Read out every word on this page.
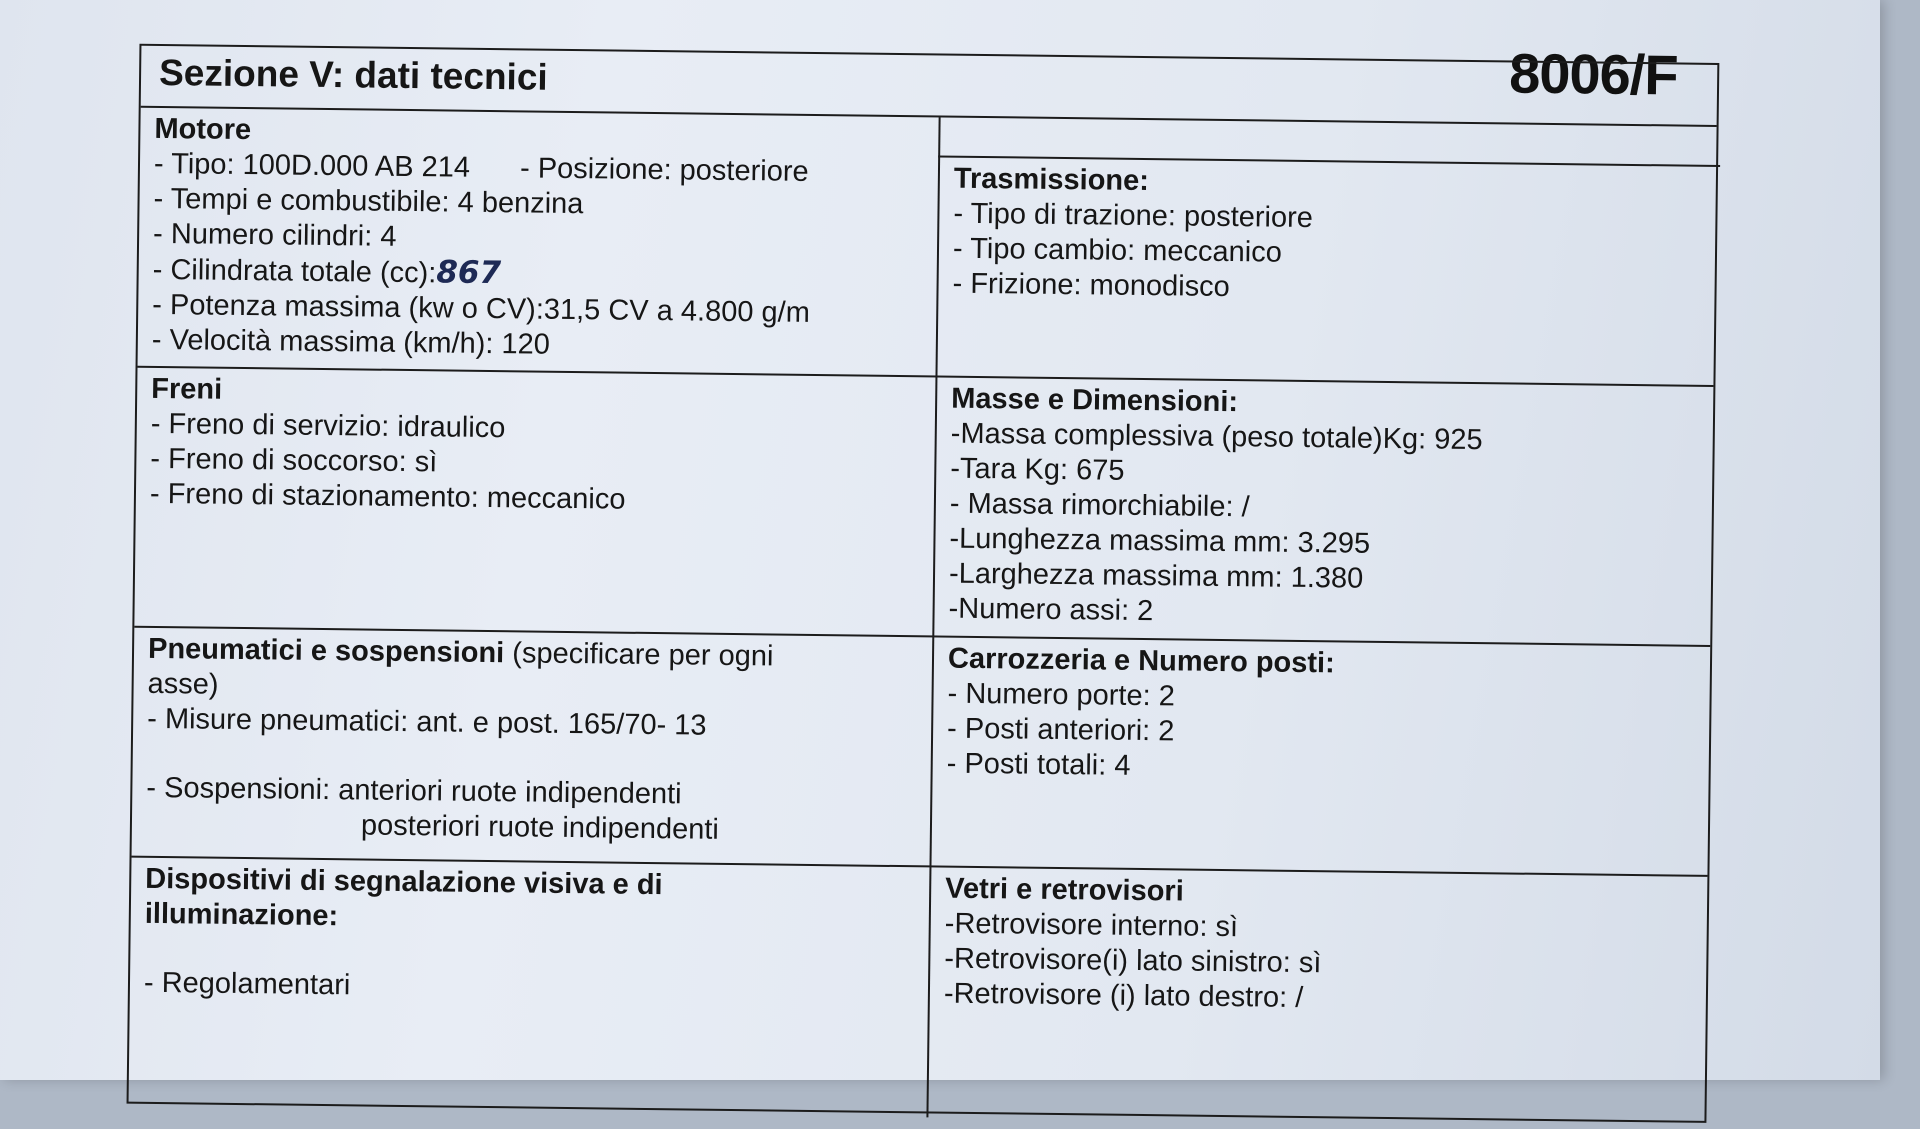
8006/F
Sezione V: dati tecnici
Motore
- Tipo: 100D.000 AB 214 - Posizione: posteriore
- Tempi e combustibile: 4 benzina
- Numero cilindri: 4
- Cilindrata totale (cc):867
- Potenza massima (kw o CV):31,5 CV a 4.800 g/m
- Velocità massima (km/h): 120
Trasmissione:
- Tipo di trazione: posteriore
- Tipo cambio: meccanico
- Frizione: monodisco
Freni
- Freno di servizio: idraulico
- Freno di soccorso: sì
- Freno di stazionamento: meccanico
Masse e Dimensioni:
-Massa complessiva (peso totale)Kg: 925
-Tara Kg: 675
- Massa rimorchiabile: /
-Lunghezza massima mm: 3.295
-Larghezza massima mm: 1.380
-Numero assi: 2
Pneumatici e sospensioni (specificare per ogni
asse)
- Misure pneumatici: ant. e post. 165/70- 13
- Sospensioni: anteriori ruote indipendenti
posteriori ruote indipendenti
Carrozzeria e Numero posti:
- Numero porte: 2
- Posti anteriori: 2
- Posti totali: 4
Dispositivi di segnalazione visiva e di
illuminazione:
- Regolamentari
Vetri e retrovisori
-Retrovisore interno: sì
-Retrovisore(i) lato sinistro: sì
-Retrovisore (i) lato destro: /
